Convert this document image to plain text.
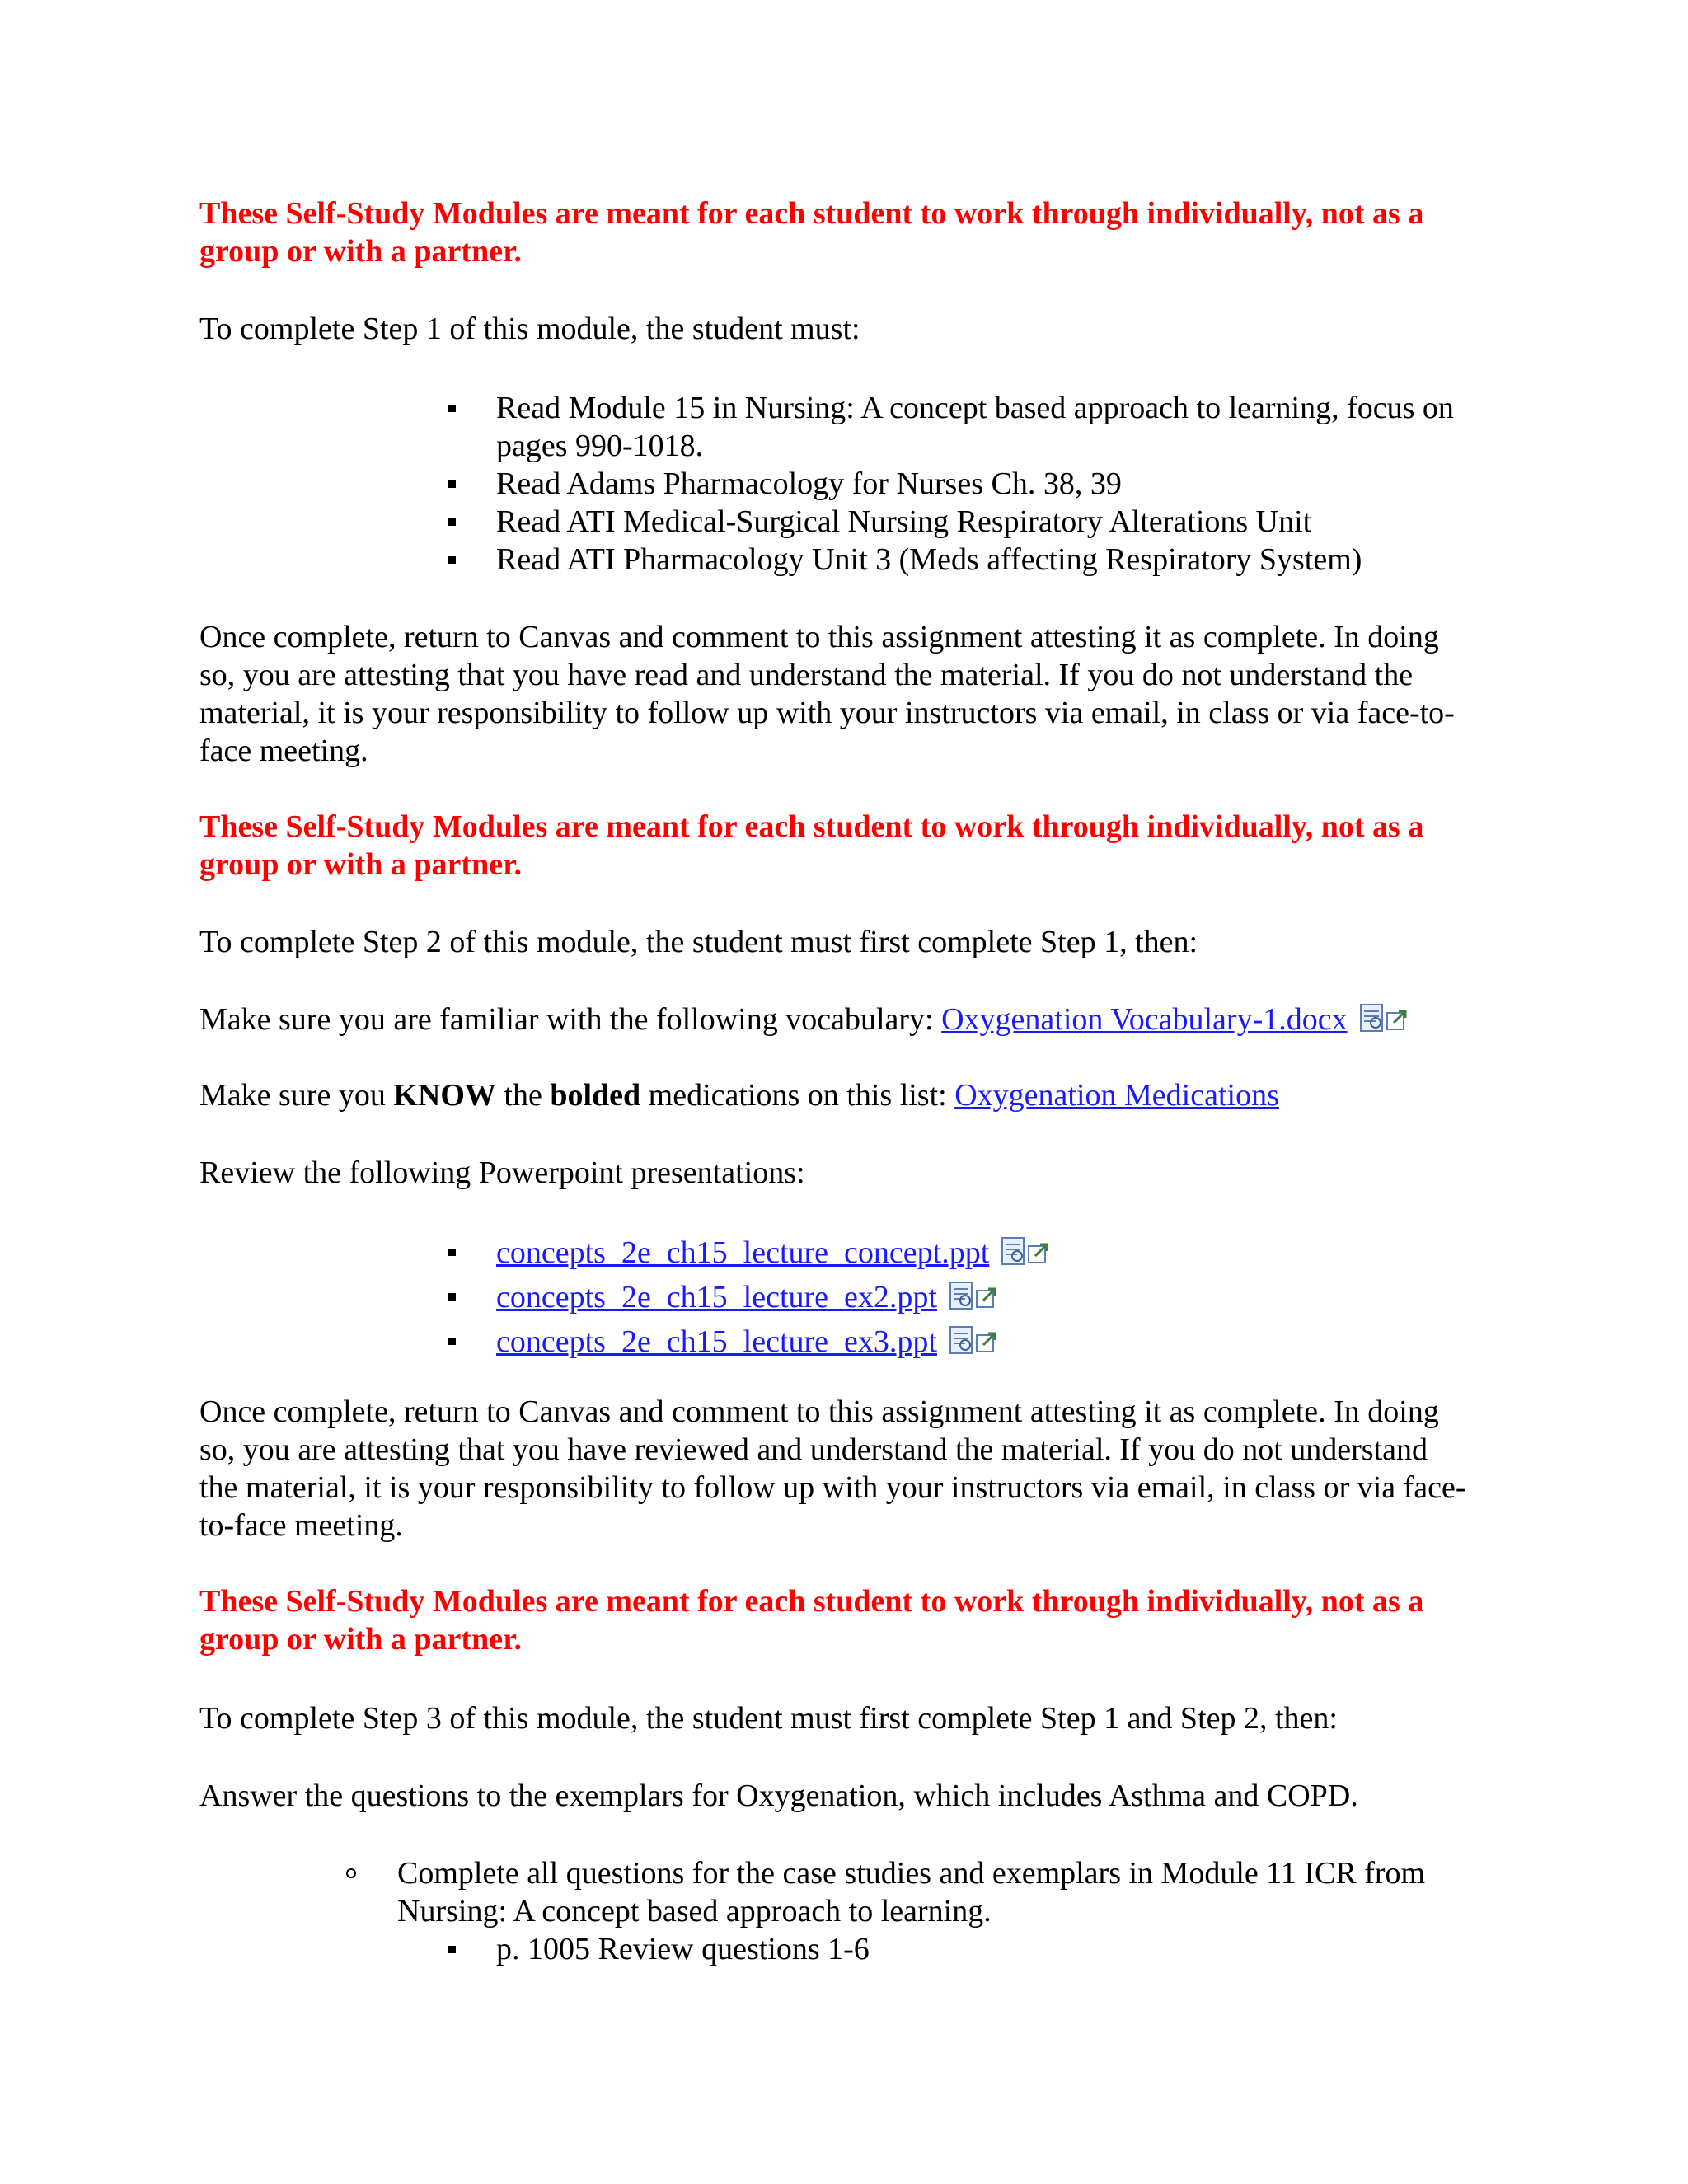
These Self-Study Modules are meant for each student to work through individually, not as a group or with a partner.

To complete Step 1 of this module, the student must:

Read Module 15 in Nursing: A concept based approach to learning, focus on pages 990-1018.
Read Adams Pharmacology for Nurses Ch. 38, 39
Read ATI Medical-Surgical Nursing Respiratory Alterations Unit
Read ATI Pharmacology Unit 3 (Meds affecting Respiratory System)

Once complete, return to Canvas and comment to this assignment attesting it as complete. In doing so, you are attesting that you have read and understand the material. If you do not understand the material, it is your responsibility to follow up with your instructors via email, in class or via face-to-face meeting.

These Self-Study Modules are meant for each student to work through individually, not as a group or with a partner.

To complete Step 2 of this module, the student must first complete Step 1, then:

Make sure you are familiar with the following vocabulary: Oxygenation Vocabulary-1.docx

Make sure you KNOW the bolded medications on this list: Oxygenation Medications

Review the following Powerpoint presentations:

concepts_2e_ch15_lecture_concept.ppt
concepts_2e_ch15_lecture_ex2.ppt
concepts_2e_ch15_lecture_ex3.ppt

Once complete, return to Canvas and comment to this assignment attesting it as complete. In doing so, you are attesting that you have reviewed and understand the material. If you do not understand the material, it is your responsibility to follow up with your instructors via email, in class or via face-to-face meeting.

These Self-Study Modules are meant for each student to work through individually, not as a group or with a partner.

To complete Step 3 of this module, the student must first complete Step 1 and Step 2, then:

Answer the questions to the exemplars for Oxygenation, which includes Asthma and COPD.

Complete all questions for the case studies and exemplars in Module 11 ICR from Nursing: A concept based approach to learning.
p. 1005 Review questions 1-6
